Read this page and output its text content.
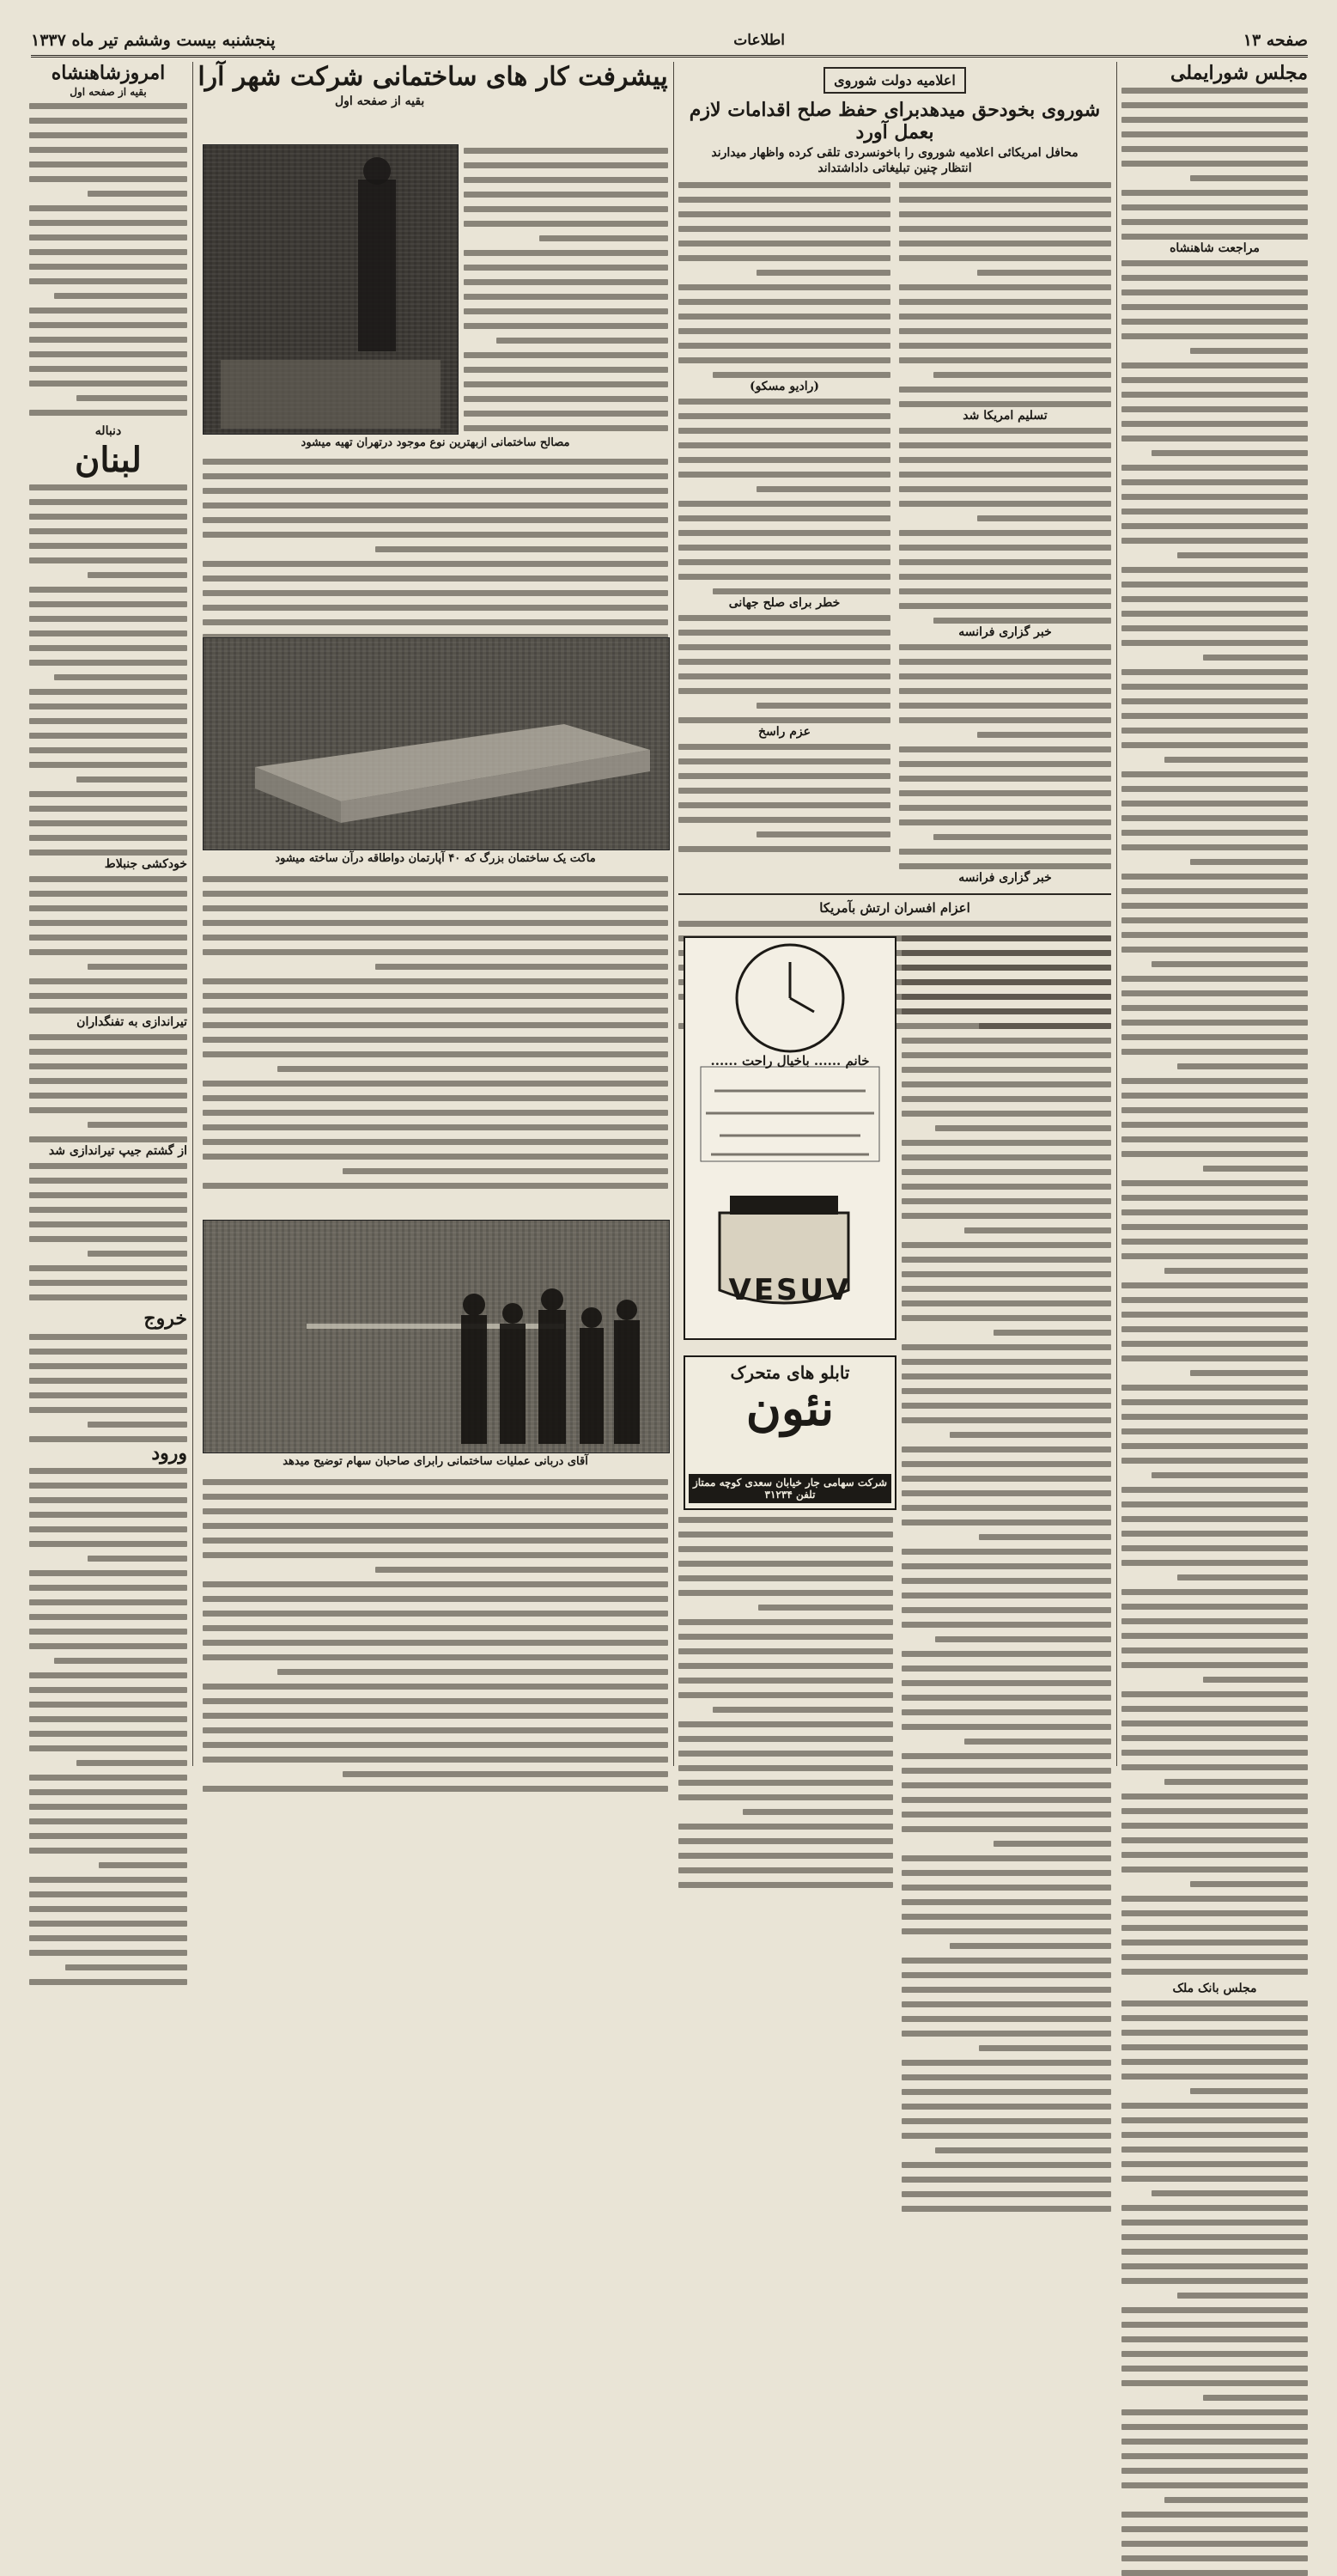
صفحه ۱۳
اطلاعات
پنجشنبه بیست وششم تیر ماه ۱۳۳۷
مجلس شورایملی
مراجعت شاهنشاه
مجلس بانک ملک
اعلامیه دولت شوروی
شوروی بخودحق میدهدبرای حفظ صلح اقدامات لازم بعمل آورد
محافل امریکائی اعلامیه شوروی را باخونسردی تلقی کرده واظهار میدارند
انتظار چنین تبلیغاتی داداشتداند
تسلیم امریکا شد
خبر گزاری فرانسه
خبر گزاری فرانسه
(رادیو مسکو)
خطر برای صلح جهانی
عزم راسخ
اعزام افسران ارتش بآمریکا
خانم ...... باخیال راحت ......
VESUV
تابلو های متحرک
نئون
شرکت سهامی جار خیابان سعدی کوچه ممتاز تلفن ۳۱۲۳۴
پیشرفت کار های ساختمانی شرکت شهر آرا
بقیه از صفحه اول
مصالح ساختمانی ازبهترین نوع موجود درتهران تهیه میشود
ماکت یک ساختمان بزرگ که ۴۰ آپارتمان دواطاقه درآن ساخته میشود
آقای دربانی عملیات ساختمانی رابرای صاحبان سهام توضیح میدهد
امروزشاهنشاه
بقیه از صفحه اول
دنباله
لبنان
خودکشی جنبلاط
تیراندازی به تفنگداران
از گشتم جیپ تیراندازی شد
خروج
ورود
